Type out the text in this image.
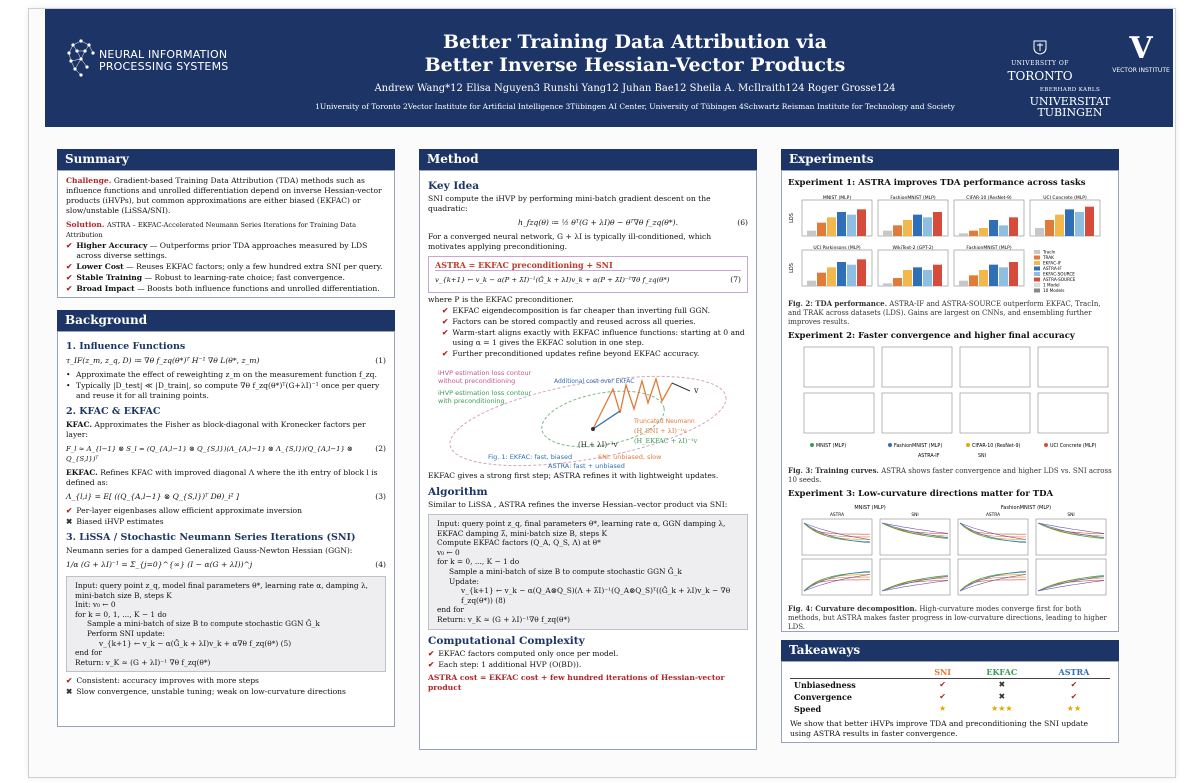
NEURAL INFORMATION
PROCESSING SYSTEMS
Better Training Data Attribution via
Better Inverse Hessian-Vector Products
Andrew Wang*12 Elisa Nguyen3 Runshi Yang12 Juhan Bae12 Sheila A. McIlraith124 Roger Grosse124
1University of Toronto 2Vector Institute for Artificial Intelligence 3Tübingen AI Center, University of Tübingen 4Schwartz Reisman Institute for Technology and Society
UNIVERSITY OF
TORONTO
V
VECTOR INSTITUTE
EBERHARD KARLS
UNIVERSITAT
TUBINGEN
Summary
Challenge. Gradient-based Training Data Attribution (TDA) methods such as influence functions and unrolled differentiation depend on inverse Hessian-vector products (iHVPs), but common approximations are either biased (EKFAC) or slow/unstable (LiSSA/SNI).
Solution. ASTRA – EKFAC-Accelerated Neumann Series Iterations for Training Data Attribution
✔ Higher Accuracy — Outperforms prior TDA approaches measured by LDS across diverse settings.
✔ Lower Cost — Reuses EKFAC factors; only a few hundred extra SNI per query.
✔ Stable Training — Robust to learning-rate choice; fast convergence.
✔ Broad Impact — Boosts both influence functions and unrolled differentiation.
Background
1. Influence Functions
τ_IF(z_m, z_q, D) ≔ ∇θ f_zq(θ*)ᵀ H⁻¹ ∇θ L(θ*, z_m)	(1)
• Approximate the effect of reweighting z_m on the measurement function f_zq.
• Typically |D_test| ≪ |D_train|, so compute ∇θ f_zq(θ*)ᵀ(G+λI)⁻¹ once per query and reuse it for all training points.
2. KFAC & EKFAC
KFAC. Approximates the Fisher as block-diagonal with Kronecker factors per layer:
F_l ≈ A_{l−1} ⊗ S_l = (Q_{A,l−1} ⊗ Q_{S,l})(Λ_{A,l−1} ⊗ Λ_{S,l})(Q_{A,l−1} ⊗ Q_{S,l})ᵀ
(2)
EKFAC. Refines KFAC with improved diagonal Λ where the ith entry of block l is defined as:
Λ_{l,i} = E[ ((Q_{A,l−1} ⊗ Q_{S,l})ᵀ Dθ)_i² ]	(3)
✔ Per-layer eigenbases allow efficient approximate inversion
✖ Biased iHVP estimates
3. LiSSA / Stochastic Neumann Series Iterations (SNI)
Neumann series for a damped Generalized Gauss-Newton Hessian (GGN):
1/α (G + λI)⁻¹ = Σ_{j=0}^{∞} (I − α(G + λI))^j	(4)
Input: query point z_q, model final parameters θ*, learning rate α, damping λ, mini-batch size B, steps K
Init: v₀ ← 0
for k = 0, 1, ..., K − 1 do
Sample a mini-batch of size B to compute stochastic GGN Ĝ_k
Perform SNI update:
v_{k+1} ← v_k − α(Ĝ_k + λI)v_k + α∇θ f_zq(θ*) (5)
end for
Return: v_K ≈ (G + λI)⁻¹ ∇θ f_zq(θ*)
✔ Consistent: accuracy improves with more steps
✖ Slow convergence, unstable tuning; weak on low-curvature directions
Method
Key Idea
SNI compute the iHVP by performing mini-batch gradient descent on the quadratic:
h_fzq(θ) ≔ ½ θᵀ(G + λI)θ − θᵀ∇θ f_zq(θ*).	(6)
For a converged neural network, G + λI is typically ill-conditioned, which motivates applying preconditioning.
ASTRA = EKFAC preconditioning + SNI
v_{k+1} ← v_k − α(P + λ̃I)⁻¹(Ĝ_k + λI)v_k + α(P + λ̃I)⁻¹∇θ f_zq(θ*)	(7)
where P is the EKFAC preconditioner.
✔ EKFAC eigendecomposition is far cheaper than inverting full GGN.
✔ Factors can be stored compactly and reused across all queries.
✔ Warm-start aligns exactly with EKFAC influence functions: starting at 0 and using α = 1 gives the EKFAC solution in one step.
✔ Further preconditioned updates refine beyond EKFAC accuracy.
iHVP estimation loss contour
without preconditioning
iHVP estimation loss contour
with preconditioning
Additional cost over EKFAC
Truncated Neumann
(H_SNI + λI)⁻¹v
(H_EKFAC + λI)⁻¹v
(H + λI)⁻¹v
v
Fig. 1: EKFAC: fast, biased	SNI: unbiased, slow
ASTRA: fast + unbiased
EKFAC gives a strong first step; ASTRA refines it with lightweight updates.
Algorithm
Similar to LiSSA , ASTRA refines the inverse Hessian–vector product via SNI:
Input: query point z_q, final parameters θ*, learning rate α, GGN damping λ,
EKFAC damping λ̃, mini-batch size B, steps K
Compute EKFAC factors (Q_A, Q_S, Λ) at θ*
v₀ ← 0
for k = 0, ..., K − 1 do
Sample a mini-batch of size B to compute stochastic GGN Ĝ_k
Update:
v_{k+1} ← v_k − α(Q_A⊗Q_S)(Λ + λ̃I)⁻¹(Q_A⊗Q_S)ᵀ((Ĝ_k + λI)v_k − ∇θ f_zq(θ*)) (8)
end for
Return: v_K ≈ (G + λI)⁻¹∇θ f_zq(θ*)
Computational Complexity
✔ EKFAC factors computed only once per model.
✔ Each step: 1 additional HVP (O(BD)).
ASTRA cost = EKFAC cost + few hundred iterations of Hessian-vector product
Experiments
Experiment 1: ASTRA improves TDA performance across tasks
MNIST (MLP)	FashionMNIST (MLP)	CIFAR-10 (ResNet-9)	UCI Concrete (MLP)
UCI Parkinsons (MLP)	WikiText-2 (GPT-2)	FashionMNIST (MLP)
LDS
LDS
TracIn
TRAK
EKFAC-IF
ASTRA-IF
EKFAC-SOURCE
ASTRA-SOURCE
1 Model
10 Models
Fig. 2: TDA performance. ASTRA-IF and ASTRA-SOURCE outperform EKFAC, TracIn, and TRAK across datasets (LDS). Gains are largest on CNNs, and ensembling further improves results.
Experiment 2: Faster convergence and higher final accuracy
MNIST (MLP)	FashionMNIST (MLP)	CIFAR-10 (ResNet-9)	UCI Concrete (MLP)
ASTRA-IF	SNI
Fig. 3: Training curves. ASTRA shows faster convergence and higher LDS vs. SNI across 10 seeds.
Experiment 3: Low-curvature directions matter for TDA
MNIST (MLP)	FashionMNIST (MLP)
ASTRA	SNI	ASTRA	SNI
Fig. 4: Curvature decomposition. High-curvature modes converge first for both methods, but ASTRA makes faster progress in low-curvature directions, leading to higher LDS.
Takeaways
	SNI	EKFAC	ASTRA
Unbiasedness	✔	✖	✔
Convergence	✔	✖	✔
Speed	★	★★★	★★
We show that better iHVPs improve TDA and preconditioning the SNI update using ASTRA results in faster convergence.
